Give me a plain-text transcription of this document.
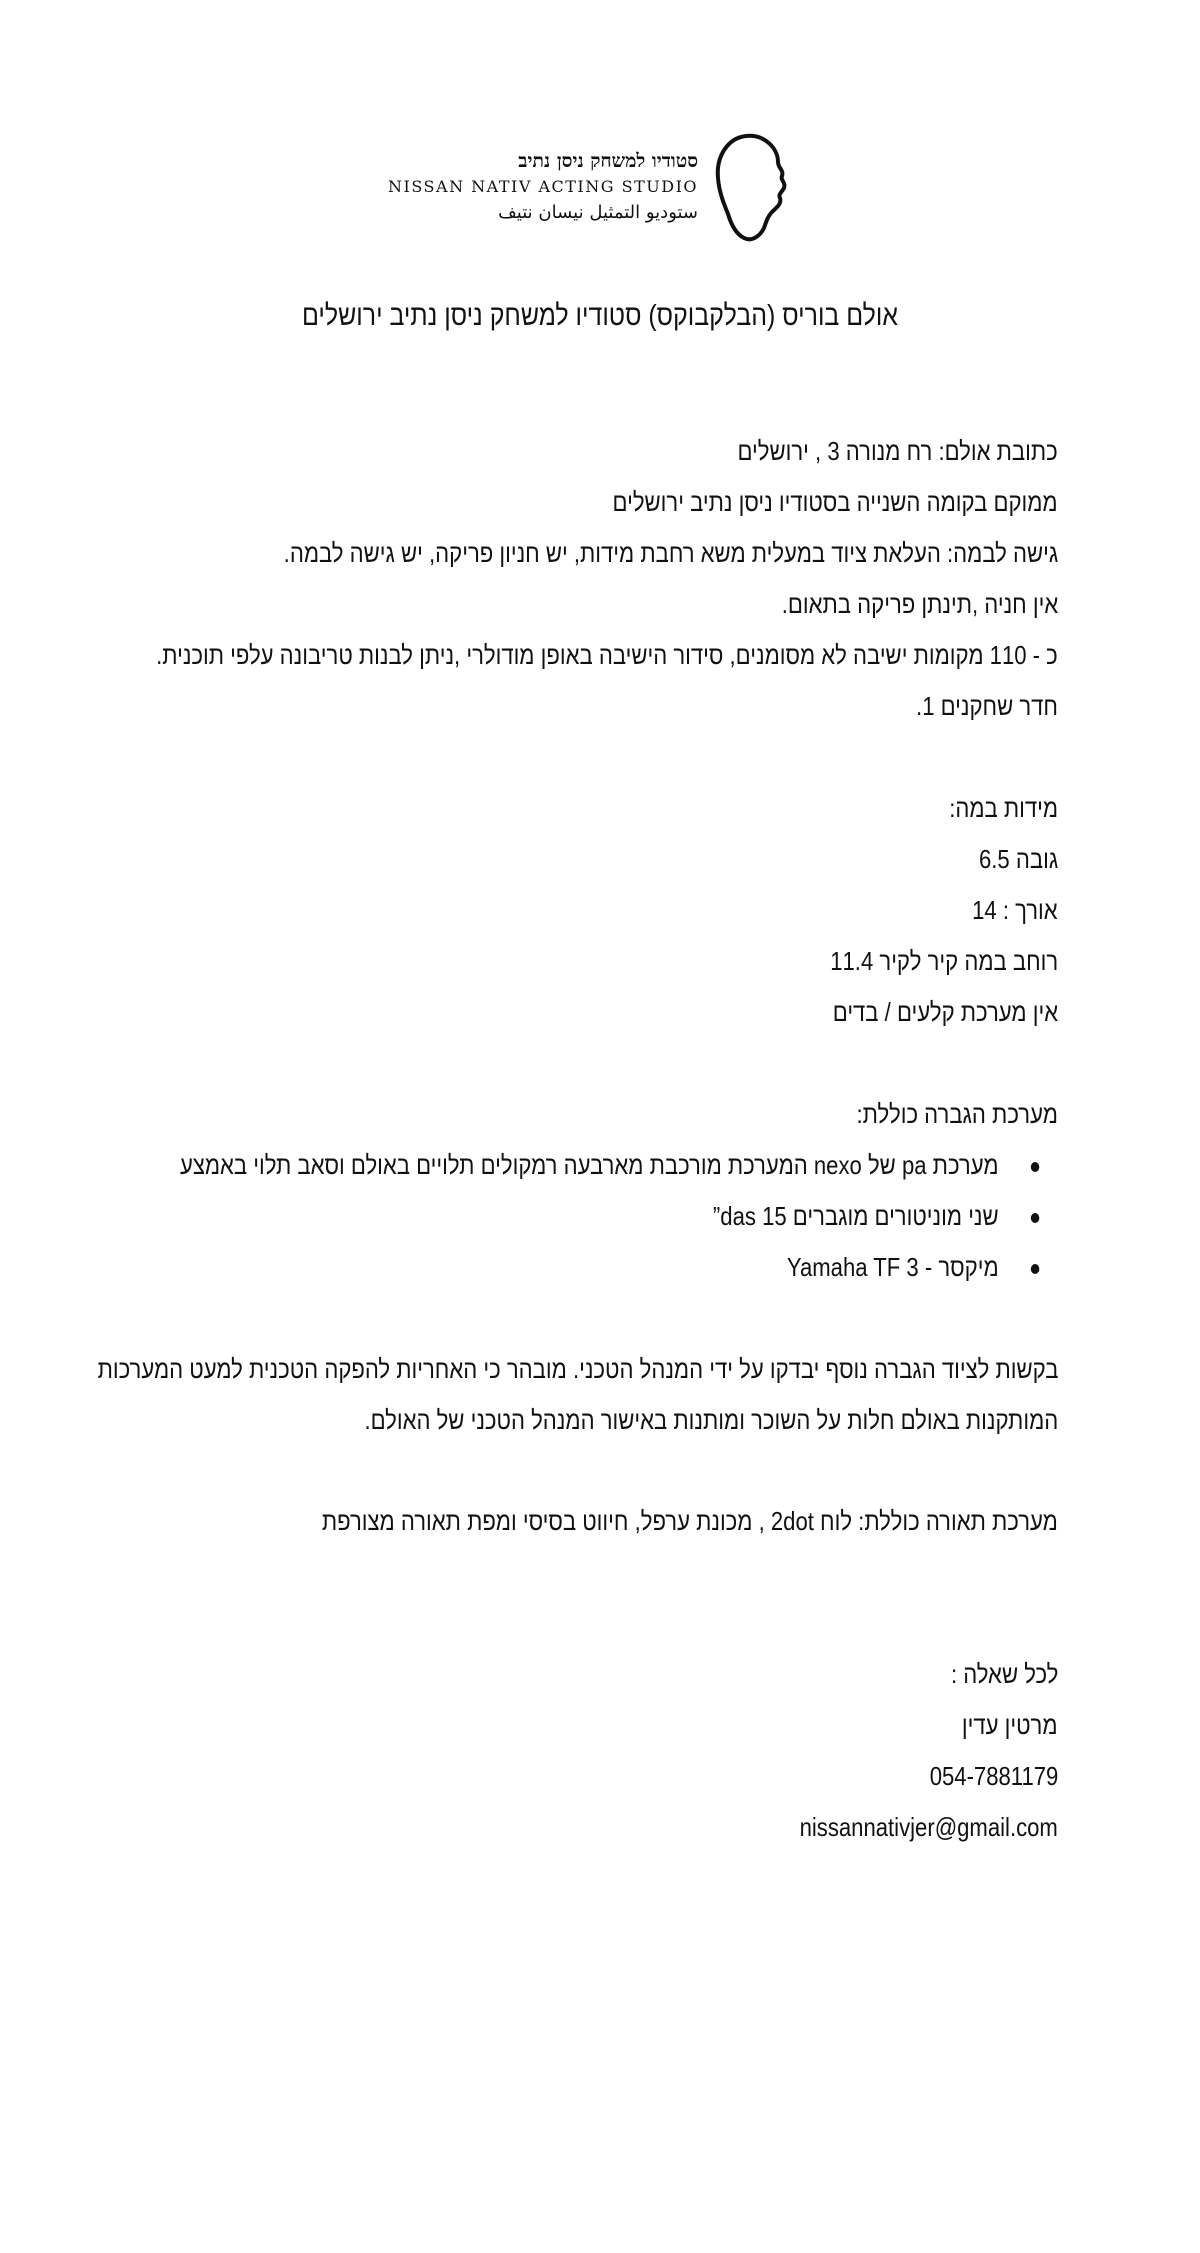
סטודיו למשחק ניסן נתיב
NISSAN NATIV ACTING STUDIO
ستوديو التمثيل نيسان نتيف
אולם בוריס (הבלקבוקס) סטודיו למשחק ניסן נתיב ירושלים
כתובת אולם: רח מנורה 3 , ירושלים
ממוקם בקומה השנייה בסטודיו ניסן נתיב ירושלים
גישה לבמה: העלאת ציוד במעלית משא רחבת מידות, יש חניון פריקה, יש גישה לבמה.
אין חניה ,תינתן פריקה בתאום.
כ - 110 מקומות ישיבה לא מסומנים, סידור הישיבה באופן מודולרי ,ניתן לבנות טריבונה עלפי תוכנית.
חדר שחקנים 1.
מידות במה:
גובה 6.5
אורך : 14
רוחב במה קיר לקיר 11.4
אין מערכת קלעים / בדים
מערכת הגברה כוללת:
מערכת pa של nexo המערכת מורכבת מארבעה רמקולים תלויים באולם וסאב תלוי באמצע
שני מוניטורים מוגברים das 15”
מיקסר - Yamaha TF 3
בקשות לציוד הגברה נוסף יבדקו על ידי המנהל הטכני. מובהר כי האחריות להפקה הטכנית למעט המערכות
המותקנות באולם חלות על השוכר ומותנות באישור המנהל הטכני של האולם.
מערכת תאורה כוללת: לוח 2dot , מכונת ערפל, חיווט בסיסי ומפת תאורה מצורפת
לכל שאלה :
מרטין עדין
054-7881179
nissannativjer@gmail.com
